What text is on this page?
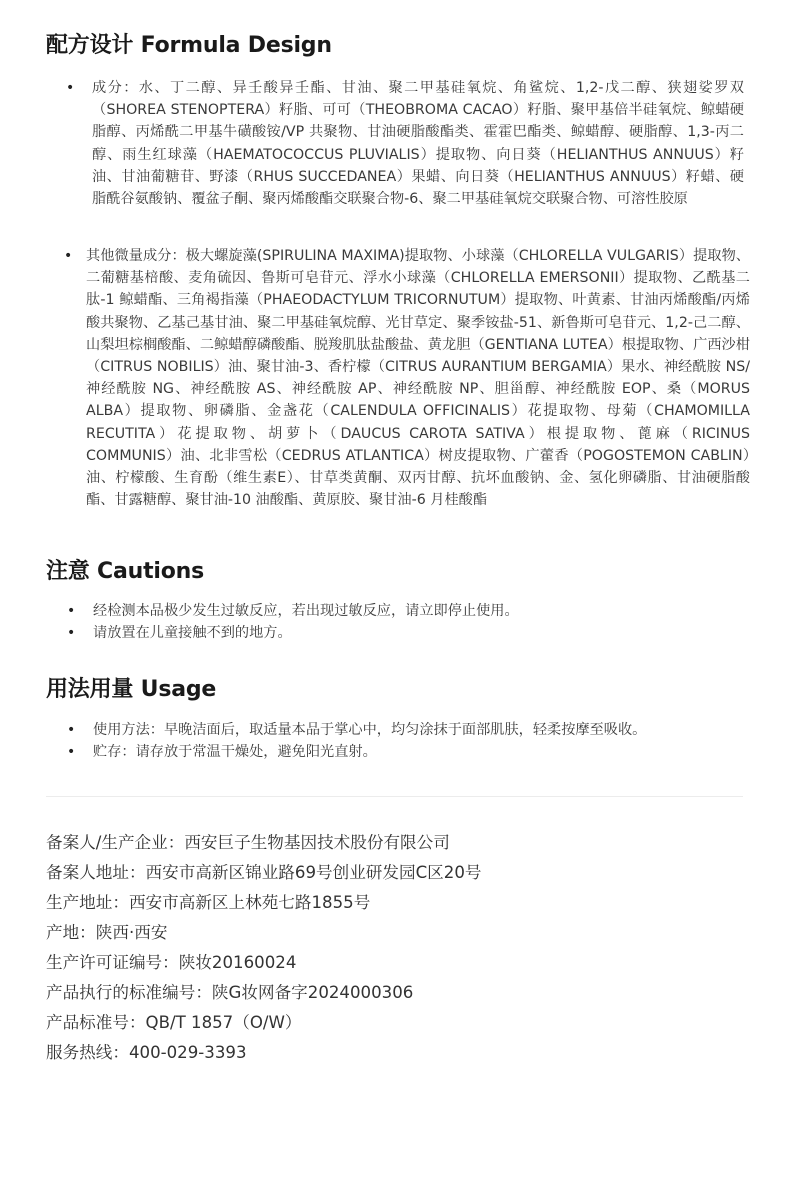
配方设计 Formula Design

•	成分：水、丁二醇、异壬酸异壬酯、甘油、聚二甲基硅氧烷、角鲨烷、1,2-戊二醇、狭翅娑罗双（SHOREA STENOPTERA）籽脂、可可（THEOBROMA CACAO）籽脂、聚甲基倍半硅氧烷、鲸蜡硬脂醇、丙烯酰二甲基牛磺酸铵/VP 共聚物、甘油硬脂酸酯类、霍霍巴酯类、鲸蜡醇、硬脂醇、1,3-丙二醇、雨生红球藻（HAEMATOCOCCUS PLUVIALIS）提取物、向日葵（HELIANTHUS ANNUUS）籽油、甘油葡糖苷、野漆（RHUS SUCCEDANEA）果蜡、向日葵（HELIANTHUS ANNUUS）籽蜡、硬脂酰谷氨酸钠、覆盆子酮、聚丙烯酸酯交联聚合物-6、聚二甲基硅氧烷交联聚合物、可溶性胶原

• 其他微量成分：极大螺旋藻(SPIRULINA MAXIMA)提取物、小球藻（CHLORELLA VULGARIS）提取物、二葡糖基棓酸、麦角硫因、鲁斯可皂苷元、浮水小球藻（CHLORELLA EMERSONII）提取物、乙酰基二肽-1 鲸蜡酯、三角褐指藻（PHAEODACTYLUM TRICORNUTUM）提取物、叶黄素、甘油丙烯酸酯/丙烯酸共聚物、乙基己基甘油、聚二甲基硅氧烷醇、光甘草定、聚季铵盐-51、新鲁斯可皂苷元、1,2-己二醇、山梨坦棕榈酸酯、二鲸蜡醇磷酸酯、脱羧肌肽盐酸盐、黄龙胆（GENTIANA LUTEA）根提取物、广西沙柑（CITRUS NOBILIS）油、聚甘油-3、香柠檬（CITRUS AURANTIUM BERGAMIA）果水、神经酰胺 NS/神经酰胺 NG、神经酰胺 AS、神经酰胺 AP、神经酰胺 NP、胆甾醇、神经酰胺 EOP、桑（MORUS ALBA）提取物、卵磷脂、金盏花（CALENDULA OFFICINALIS）花提取物、母菊（CHAMOMILLA RECUTITA）花提取物、胡萝卜（DAUCUS CAROTA SATIVA）根提取物、蓖麻（RICINUS COMMUNIS）油、北非雪松（CEDRUS ATLANTICA）树皮提取物、广藿香（POGOSTEMON CABLIN）油、柠檬酸、生育酚（维生素E）、甘草类黄酮、双丙甘醇、抗坏血酸钠、金、氢化卵磷脂、甘油硬脂酸酯、甘露糖醇、聚甘油-10 油酸酯、黄原胶、聚甘油-6 月桂酸酯

注意 Cautions

•	经检测本品极少发生过敏反应，若出现过敏反应，请立即停止使用。

•	请放置在儿童接触不到的地方。

用法用量 Usage

•	使用方法：早晚洁面后，取适量本品于掌心中，均匀涂抹于面部肌肤，轻柔按摩至吸收。

•	贮存：请存放于常温干燥处，避免阳光直射。

备案人/生产企业：西安巨子生物基因技术股份有限公司

备案人地址：西安市高新区锦业路69号创业研发园C区20号

生产地址：西安市高新区上林苑七路1855号

产地：陕西·西安

生产许可证编号：陕妆20160024

产品执行的标准编号：陕G妆网备字2024000306

产品标准号：QB/T 1857（O/W）

服务热线：400-029-3393
